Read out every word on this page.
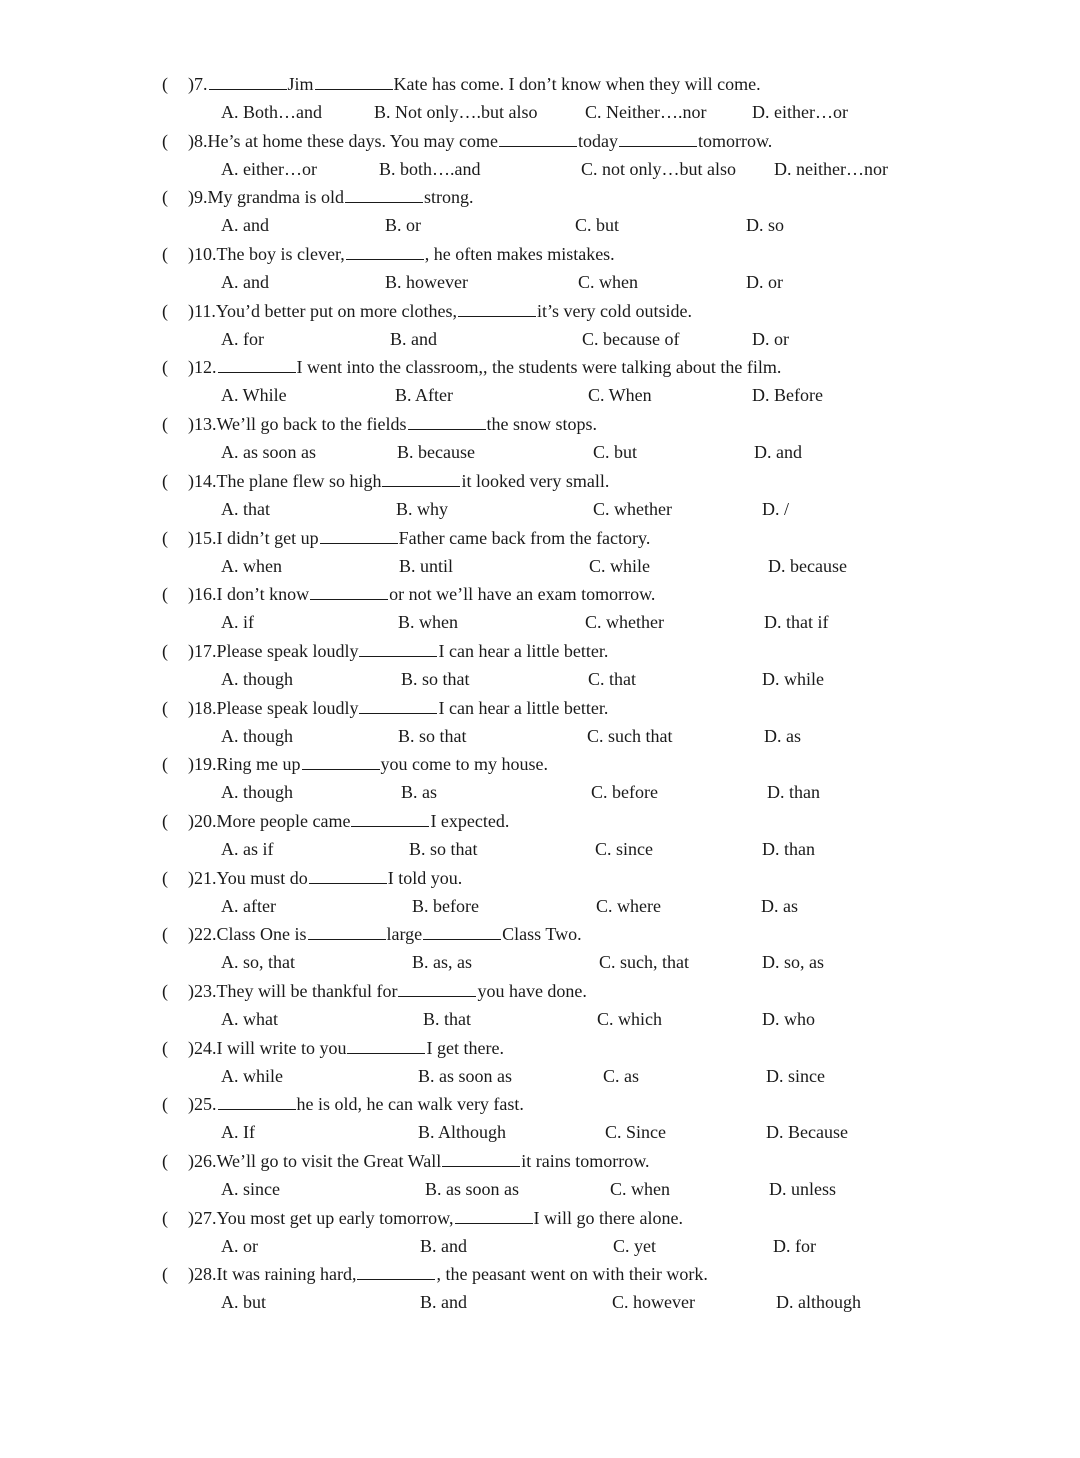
( )7.	Jim	Kate has come. I don’t know when they will come.
A. Both…and	B. Not only….but also	C. Neither….nor	D. either…or
( )8.He’s at home these days. You may come	today	tomorrow.
A. either…or	B. both….and	C. not only…but also D. neither…nor
( )9.My grandma is old	strong.
A. and	B. or	C. but	D. so
( )10.The boy is clever,	, he often makes mistakes.
A. and	B. however	C. when	D. or
( )11.You’d better put on more clothes,	it’s very cold outside.
A. for	B. and	C. because of	D. or
( )12.	I went into the classroom,, the students were talking about the film.
A. While	B. After	C. When	D. Before
( )13.We’ll go back to the fields	the snow stops.
A. as soon as	B. because	C. but	D. and
( )14.The plane flew so high	it looked very small.
A. that	B. why	C. whether	D. /
( )15.I didn’t get up	Father came back from the factory.
A. when	B. until	C. while	D. because
( )16.I don’t know	or not we’ll have an exam tomorrow.
A. if	B. when	C. whether	D. that if
( )17.Please speak loudly	I can hear a little better.
A. though	B. so that	C. that	D. while
( )18.Please speak loudly	I can hear a little better.
A. though	B. so that	C. such that	D. as
( )19.Ring me up	you come to my house.
A. though	B. as	C. before	D. than
( )20.More people came	I expected.
A. as if	B. so that	C. since	D. than
( )21.You must do	I told you.
A. after	B. before	C. where	D. as
( )22.Class One is	large	Class Two.
A. so, that	B. as, as	C. such, that	D. so, as
( )23.They will be thankful for	you have done.
A. what	B. that	C. which	D. who
( )24.I will write to you	I get there.
A. while	B. as soon as	C. as	D. since
( )25.	he is old, he can walk very fast.
A. If	B. Although	C. Since	D. Because
( )26.We’ll go to visit the Great Wall	it rains tomorrow.
A. since	B. as soon as	C. when	D. unless
( )27.You most get up early tomorrow,	I will go there alone.
A. or	B. and	C. yet	D. for
( )28.It was raining hard,	, the peasant went on with their work.
A. but	B. and	C. however	D. although
